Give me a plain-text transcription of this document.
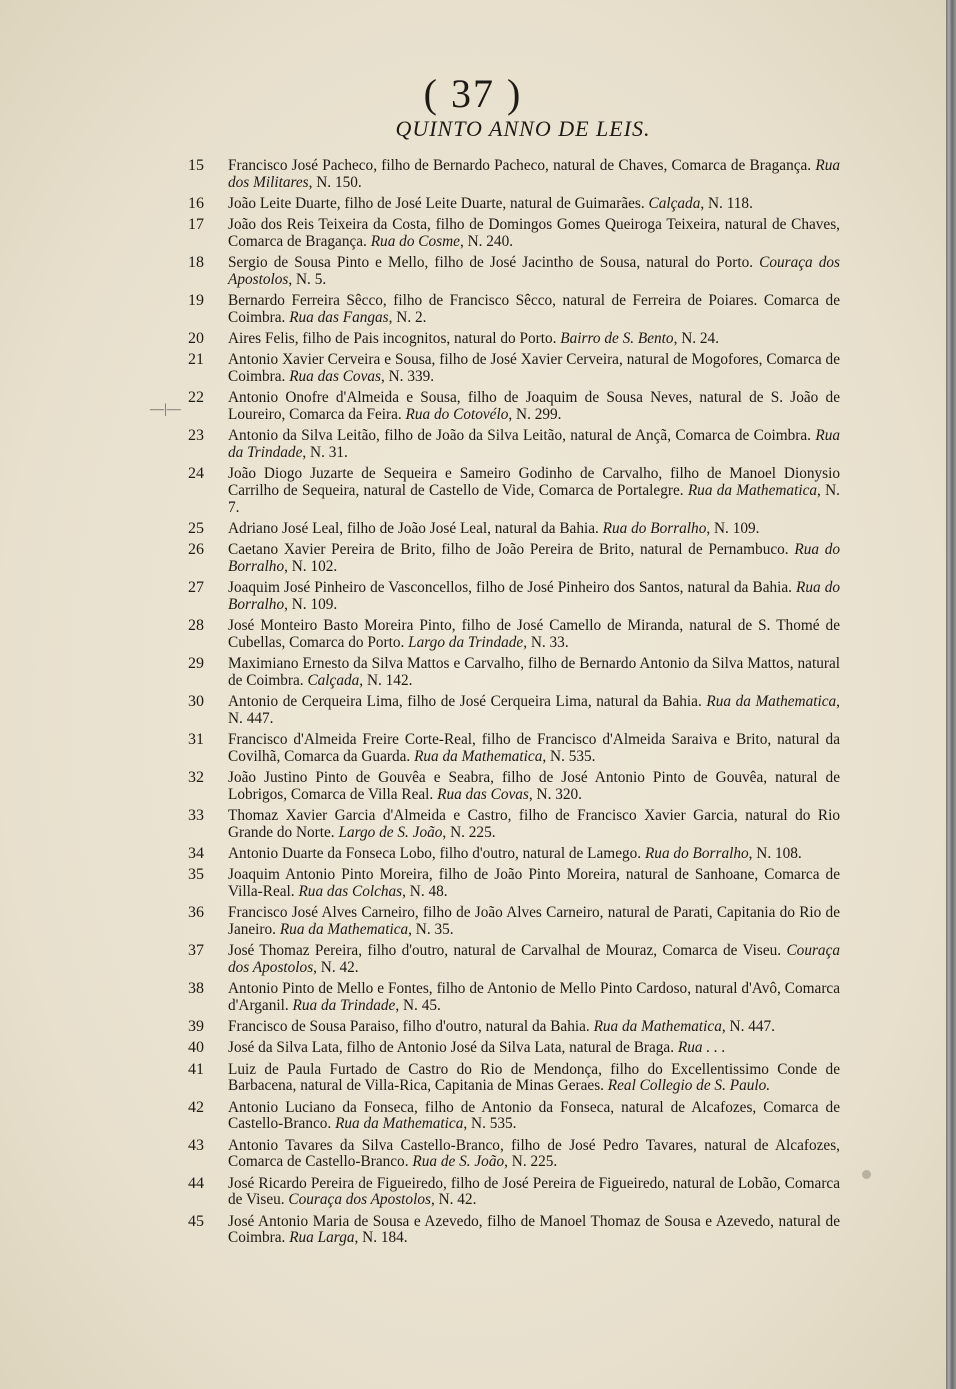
( 37 )
QUINTO ANNO DE LEIS.
—|—
15	Francisco José Pacheco, filho de Bernardo Pacheco, natural de Chaves, Comarca de Bragança. Rua dos Militares, N. 150.
16	João Leite Duarte, filho de José Leite Duarte, natural de Guimarães. Calçada, N. 118.
17	João dos Reis Teixeira da Costa, filho de Domingos Gomes Queiroga Teixeira, natural de Chaves, Comarca de Bragança. Rua do Cosme, N. 240.
18	Sergio de Sousa Pinto e Mello, filho de José Jacintho de Sousa, natural do Porto. Couraça dos Apostolos, N. 5.
19	Bernardo Ferreira Sêcco, filho de Francisco Sêcco, natural de Ferreira de Poiares. Comarca de Coimbra. Rua das Fangas, N. 2.
20	Aires Felis, filho de Pais incognitos, natural do Porto. Bairro de S. Bento, N. 24.
21	Antonio Xavier Cerveira e Sousa, filho de José Xavier Cerveira, natural de Mogofores, Comarca de Coimbra. Rua das Covas, N. 339.
22	Antonio Onofre d'Almeida e Sousa, filho de Joaquim de Sousa Neves, natural de S. João de Loureiro, Comarca da Feira. Rua do Cotovélo, N. 299.
23	Antonio da Silva Leitão, filho de João da Silva Leitão, natural de Ançã, Comarca de Coimbra. Rua da Trindade, N. 31.
24	João Diogo Juzarte de Sequeira e Sameiro Godinho de Carvalho, filho de Manoel Dionysio Carrilho de Sequeira, natural de Castello de Vide, Comarca de Portalegre. Rua da Mathematica, N. 7.
25	Adriano José Leal, filho de João José Leal, natural da Bahia. Rua do Borralho, N. 109.
26	Caetano Xavier Pereira de Brito, filho de João Pereira de Brito, natural de Pernambuco. Rua do Borralho, N. 102.
27	Joaquim José Pinheiro de Vasconcellos, filho de José Pinheiro dos Santos, natural da Bahia. Rua do Borralho, N. 109.
28	José Monteiro Basto Moreira Pinto, filho de José Camello de Miranda, natural de S. Thomé de Cubellas, Comarca do Porto. Largo da Trindade, N. 33.
29	Maximiano Ernesto da Silva Mattos e Carvalho, filho de Bernardo Antonio da Silva Mattos, natural de Coimbra. Calçada, N. 142.
30	Antonio de Cerqueira Lima, filho de José Cerqueira Lima, natural da Bahia. Rua da Mathematica, N. 447.
31	Francisco d'Almeida Freire Corte-Real, filho de Francisco d'Almeida Saraiva e Brito, natural da Covilhã, Comarca da Guarda. Rua da Mathematica, N. 535.
32	João Justino Pinto de Gouvêa e Seabra, filho de José Antonio Pinto de Gouvêa, natural de Lobrigos, Comarca de Villa Real. Rua das Covas, N. 320.
33	Thomaz Xavier Garcia d'Almeida e Castro, filho de Francisco Xavier Garcia, natural do Rio Grande do Norte. Largo de S. João, N. 225.
34	Antonio Duarte da Fonseca Lobo, filho d'outro, natural de Lamego. Rua do Borralho, N. 108.
35	Joaquim Antonio Pinto Moreira, filho de João Pinto Moreira, natural de Sanhoane, Comarca de Villa-Real. Rua das Colchas, N. 48.
36	Francisco José Alves Carneiro, filho de João Alves Carneiro, natural de Parati, Capitania do Rio de Janeiro. Rua da Mathematica, N. 35.
37	José Thomaz Pereira, filho d'outro, natural de Carvalhal de Mouraz, Comarca de Viseu. Couraça dos Apostolos, N. 42.
38	Antonio Pinto de Mello e Fontes, filho de Antonio de Mello Pinto Cardoso, natural d'Avô, Comarca d'Arganil. Rua da Trindade, N. 45.
39	Francisco de Sousa Paraiso, filho d'outro, natural da Bahia. Rua da Mathematica, N. 447.
40	José da Silva Lata, filho de Antonio José da Silva Lata, natural de Braga. Rua . . .
41	Luiz de Paula Furtado de Castro do Rio de Mendonça, filho do Excellentissimo Conde de Barbacena, natural de Villa-Rica, Capitania de Minas Geraes. Real Collegio de S. Paulo.
42	Antonio Luciano da Fonseca, filho de Antonio da Fonseca, natural de Alcafozes, Comarca de Castello-Branco. Rua da Mathematica, N. 535.
43	Antonio Tavares da Silva Castello-Branco, filho de José Pedro Tavares, natural de Alcafozes, Comarca de Castello-Branco. Rua de S. João, N. 225.
44	José Ricardo Pereira de Figueiredo, filho de José Pereira de Figueiredo, natural de Lobão, Comarca de Viseu. Couraça dos Apostolos, N. 42.
45	José Antonio Maria de Sousa e Azevedo, filho de Manoel Thomaz de Sousa e Azevedo, natural de Coimbra. Rua Larga, N. 184.
